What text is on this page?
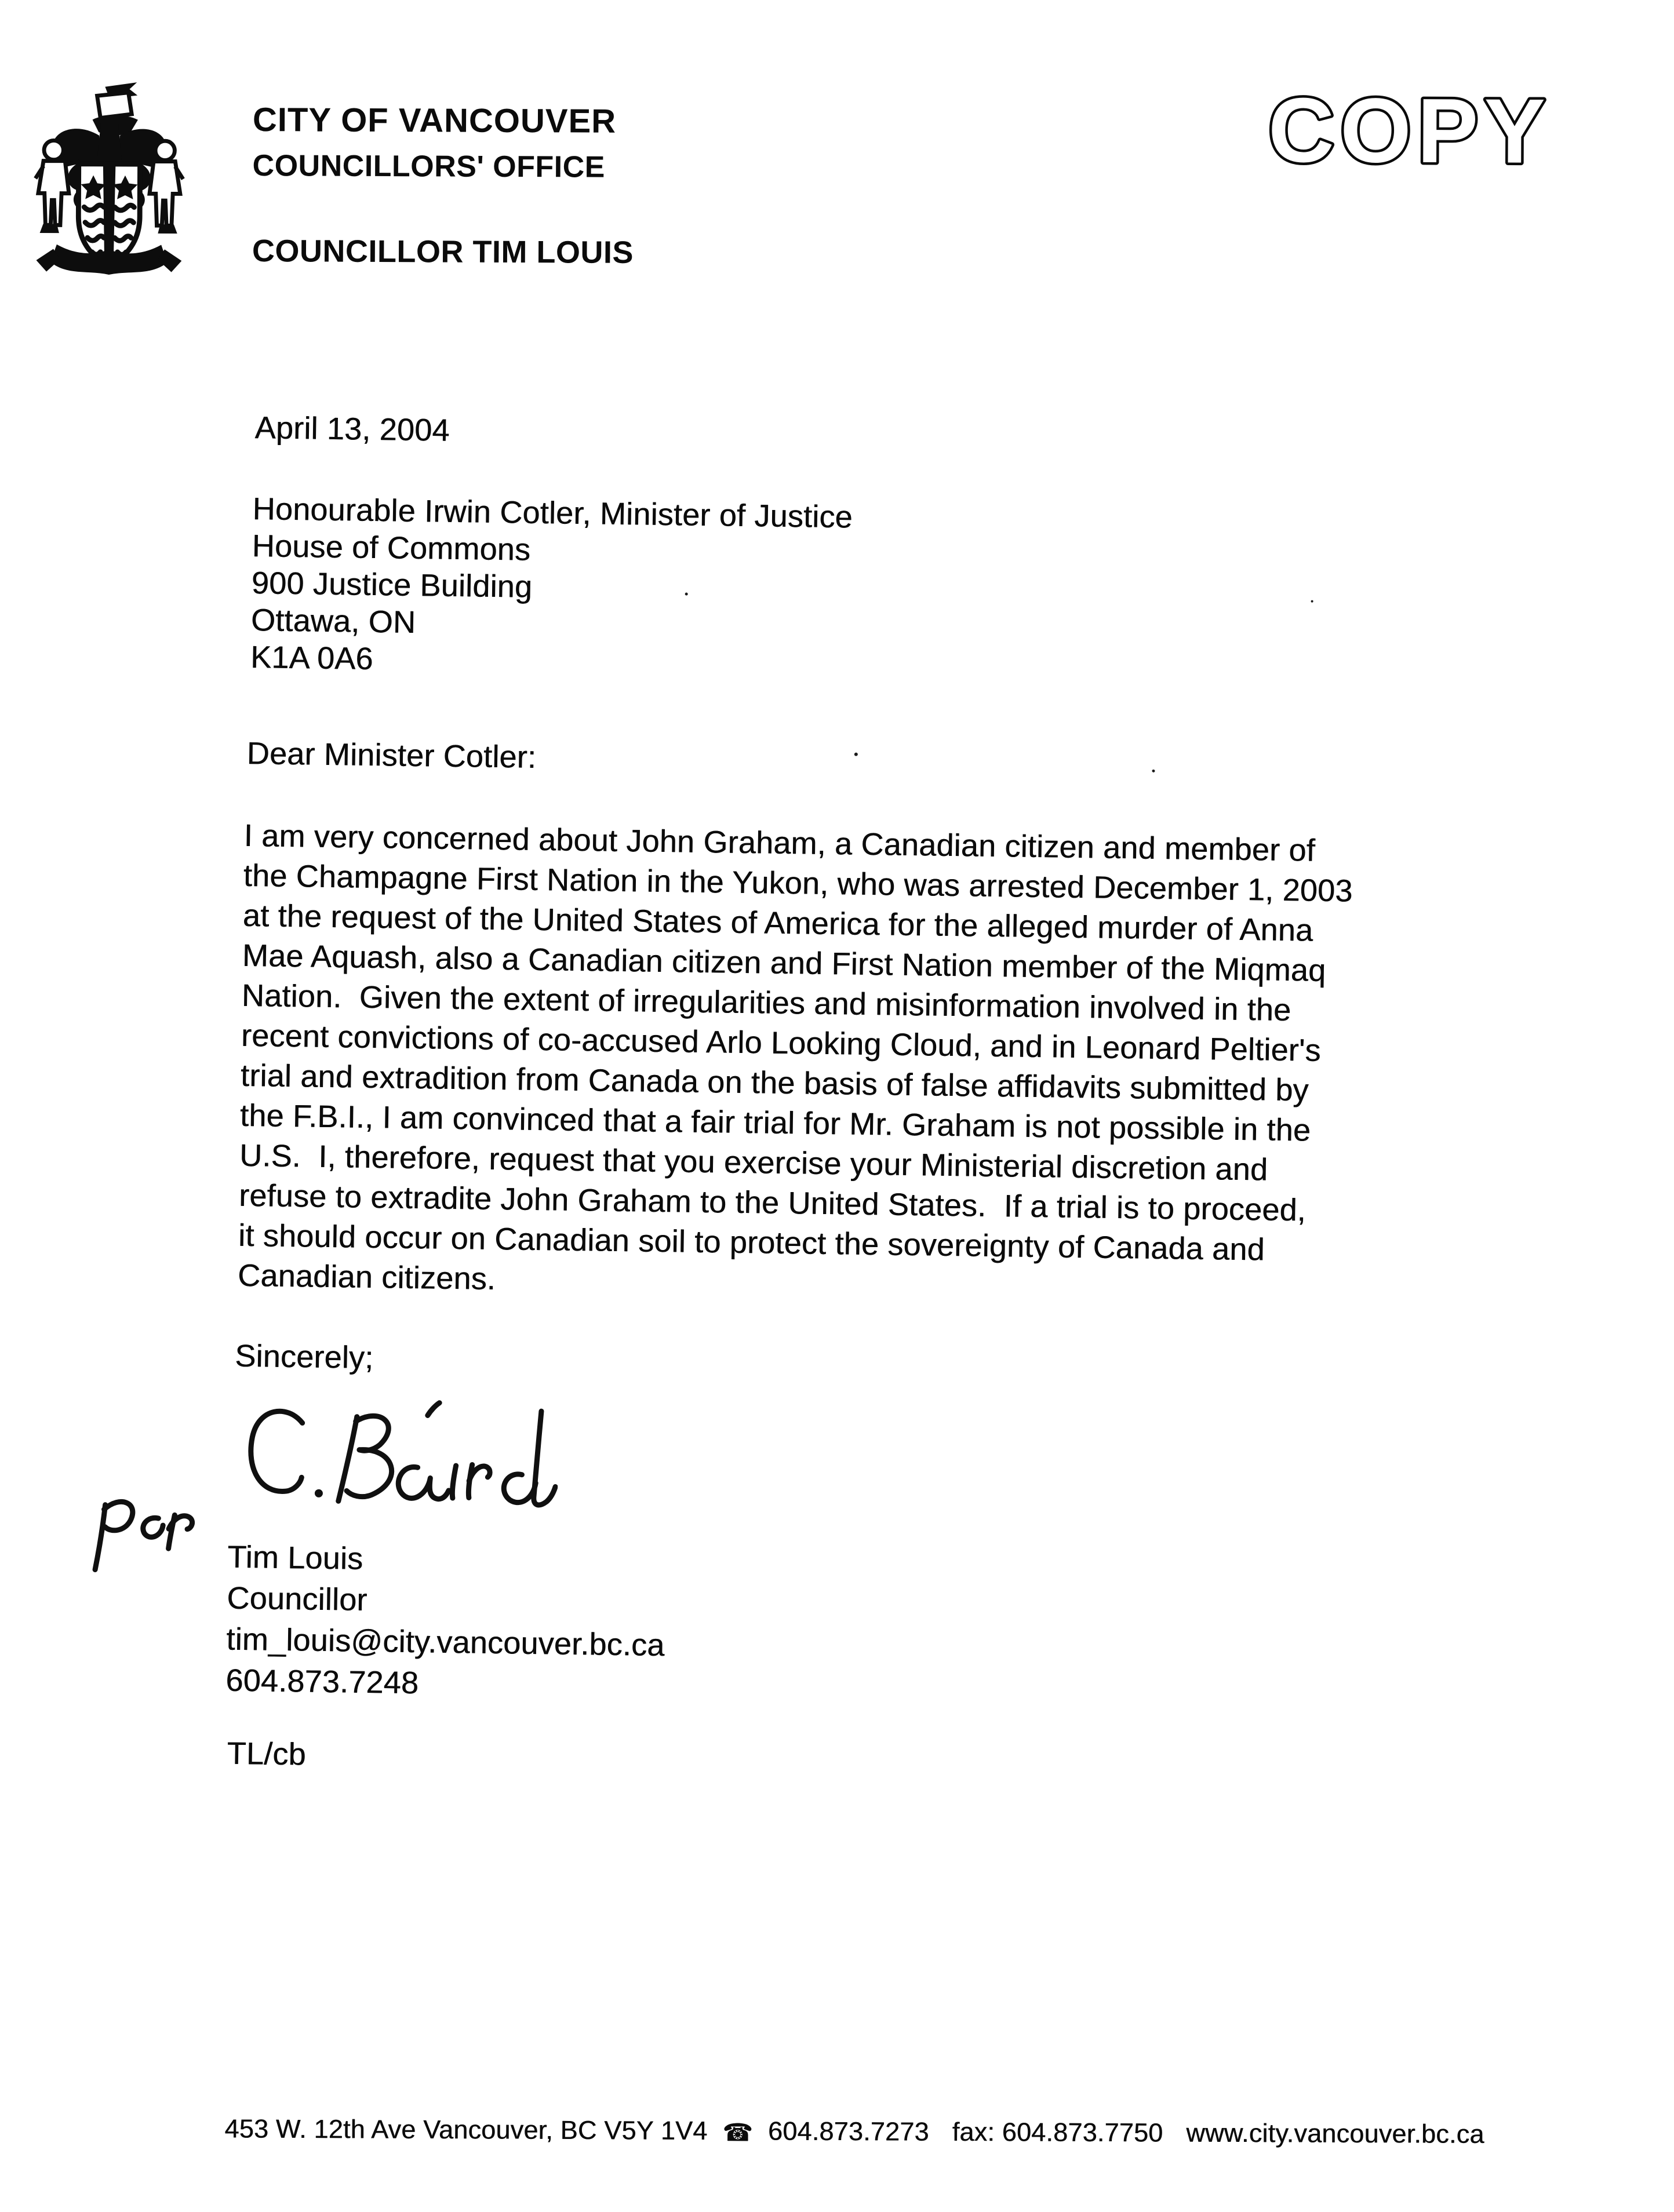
CITY OF VANCOUVER
COUNCILLORS' OFFICE
COUNCILLOR TIM LOUIS
COPY
April 13, 2004
Honourable Irwin Cotler, Minister of Justice
House of Commons
900 Justice Building
Ottawa, ON
K1A 0A6
Dear Minister Cotler:
I am very concerned about John Graham, a Canadian citizen and member of
the Champagne First Nation in the Yukon, who was arrested December 1, 2003
at the request of the United States of America for the alleged murder of Anna
Mae Aquash, also a Canadian citizen and First Nation member of the Miqmaq
Nation.  Given the extent of irregularities and misinformation involved in the
recent convictions of co-accused Arlo Looking Cloud, and in Leonard Peltier's
trial and extradition from Canada on the basis of false affidavits submitted by
the F.B.I., I am convinced that a fair trial for Mr. Graham is not possible in the
U.S.  I, therefore, request that you exercise your Ministerial discretion and
refuse to extradite John Graham to the United States.  If a trial is to proceed,
it should occur on Canadian soil to protect the sovereignty of Canada and
Canadian citizens.
Sincerely;
Tim Louis
Councillor
tim_louis@city.vancouver.bc.ca
604.873.7248
TL/cb
453 W. 12th Ave Vancouver, BC V5Y 1V4 ☎ 604.873.7273 fax: 604.873.7750 www.city.vancouver.bc.ca
